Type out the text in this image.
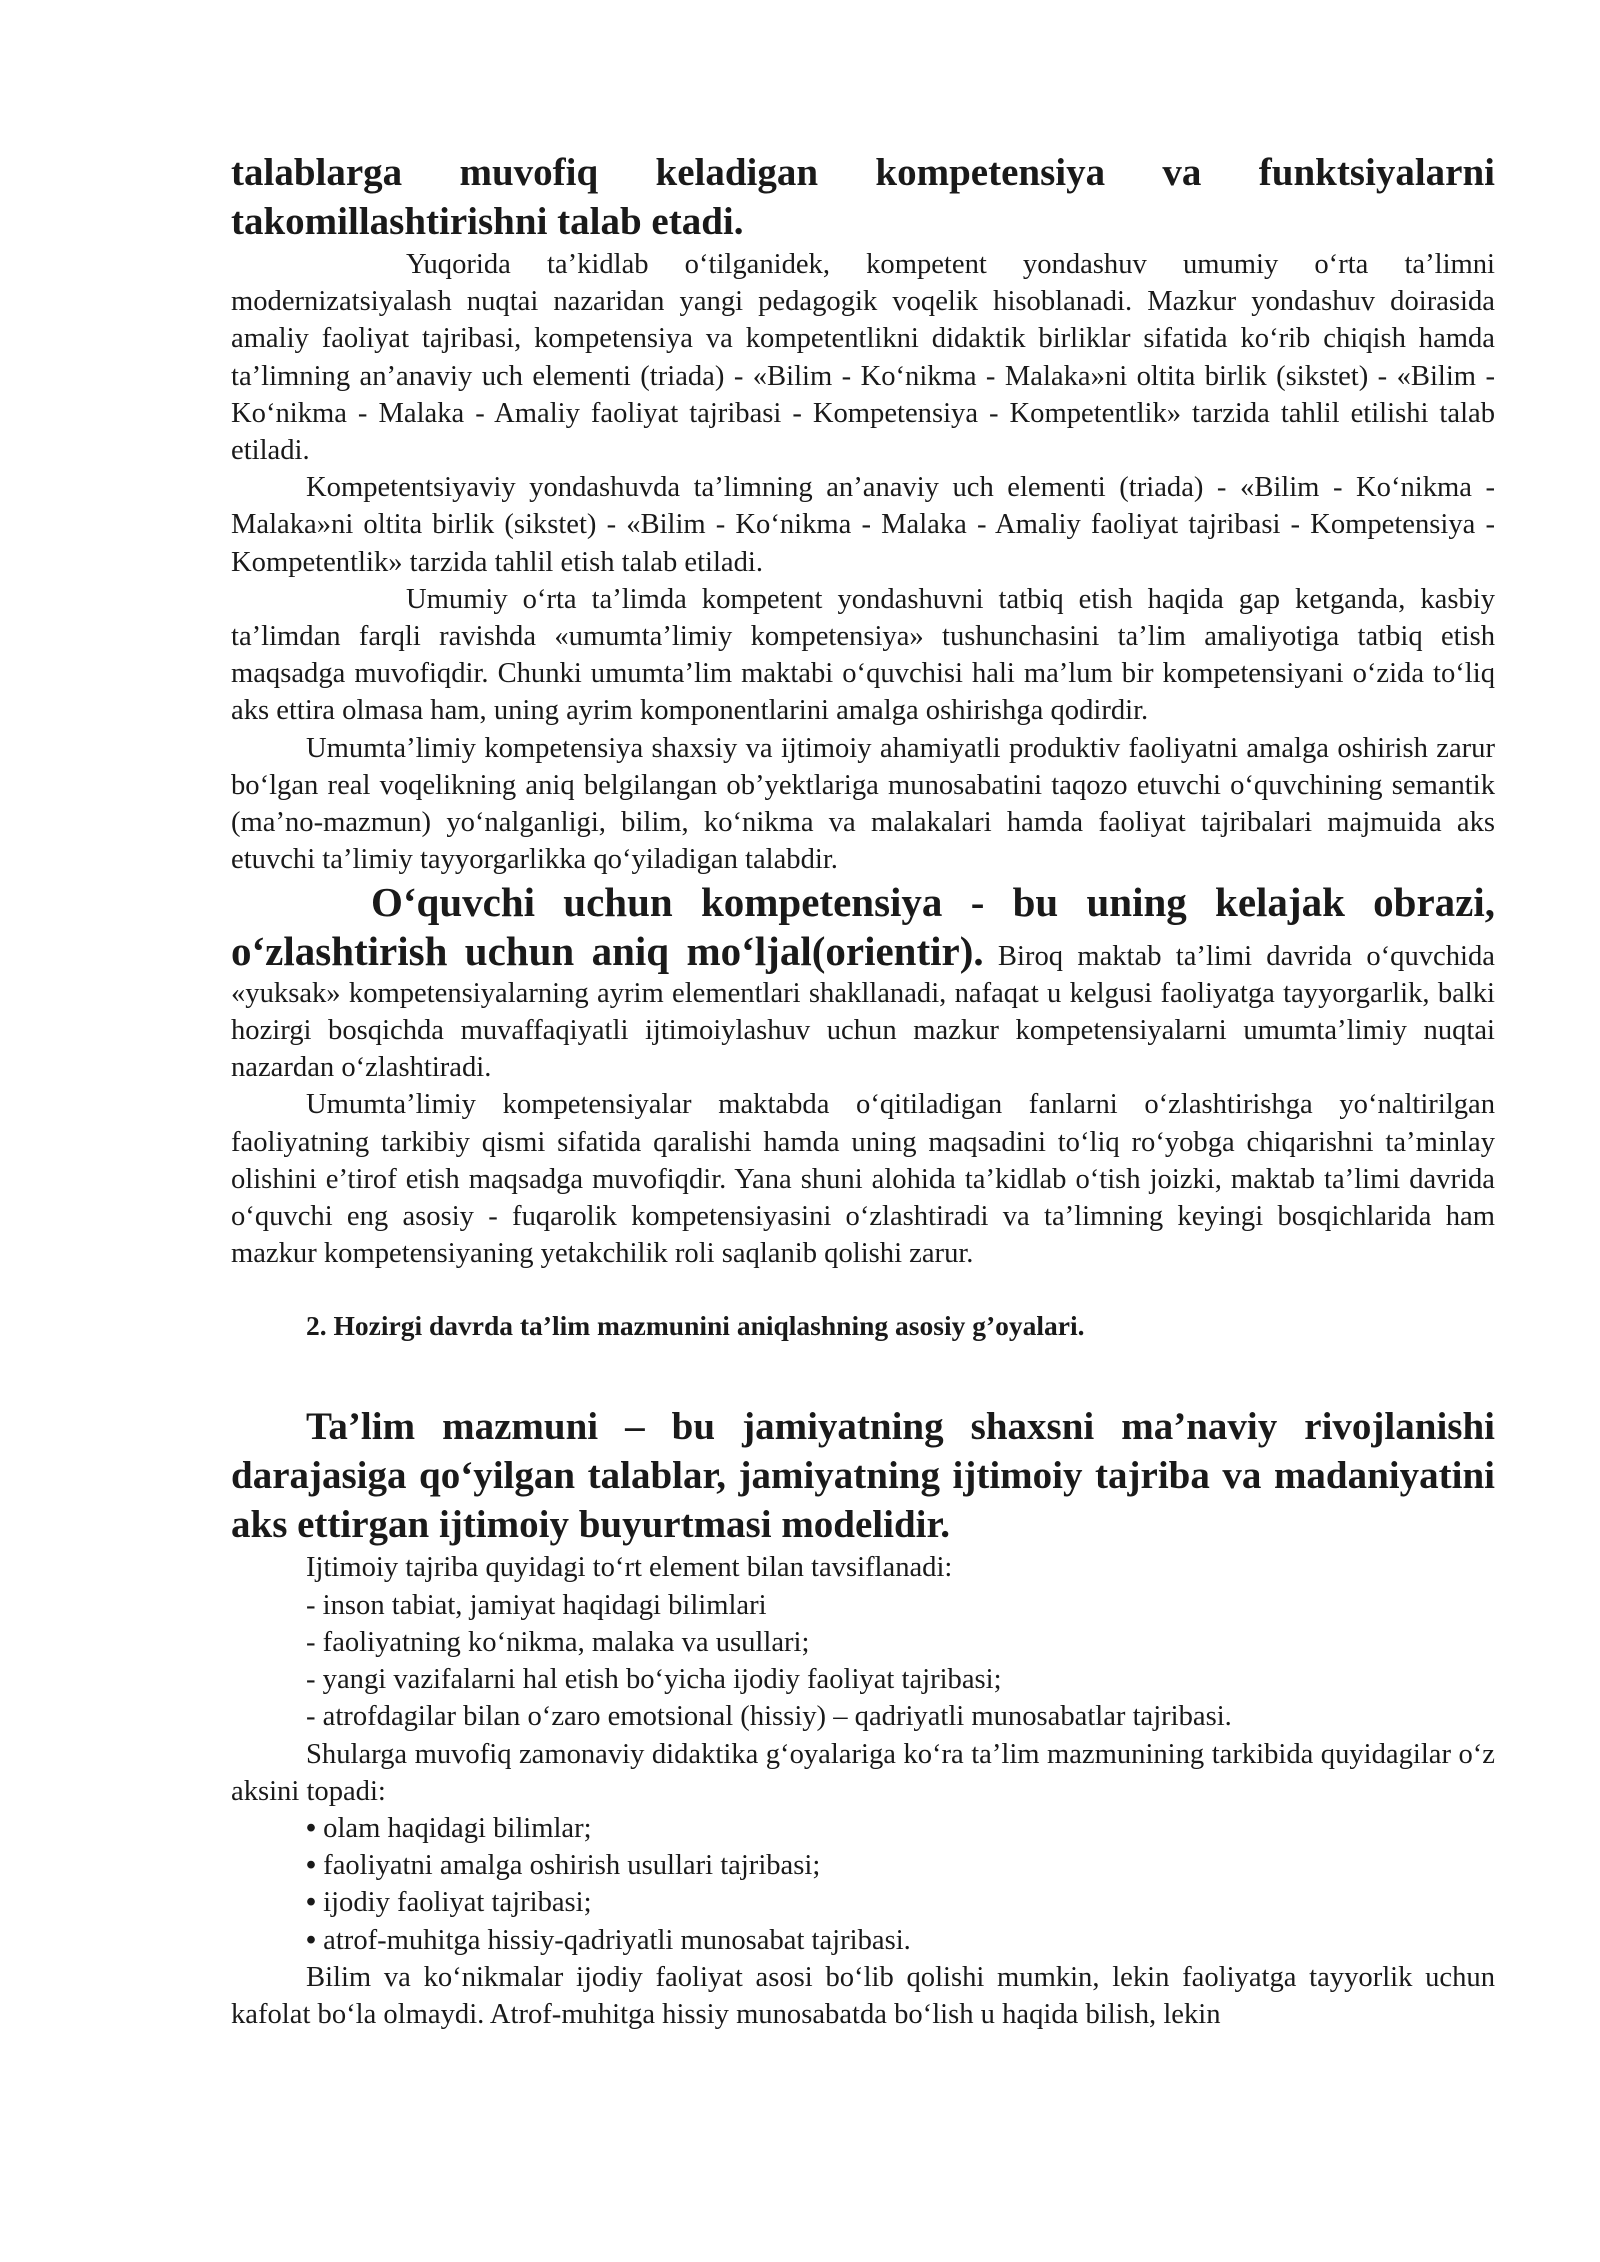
talablarga muvofiq keladigan kompetensiya va funktsiyalarni takomillashtirishni talab etadi.

Yuqorida ta’kidlab o‘tilganidek, kompetent yondashuv umumiy o‘rta ta’limni modernizatsiyalash nuqtai nazaridan yangi pedagogik voqelik hisoblanadi. Mazkur yondashuv doirasida amaliy faoliyat tajribasi, kompetensiya va kompetentlikni didaktik birliklar sifatida ko‘rib chiqish hamda ta’limning an’anaviy uch elementi (triada) - «Bilim - Ko‘nikma - Malaka»ni oltita birlik (sikstet) - «Bilim - Ko‘nikma - Malaka - Amaliy faoliyat tajribasi - Kompetensiya - Kompetentlik» tarzida tahlil etilishi talab etiladi.

Kompetentsiyaviy yondashuvda ta’limning an’anaviy uch elementi (triada) - «Bilim - Ko‘nikma - Malaka»ni oltita birlik (sikstet) - «Bilim - Ko‘nikma - Malaka - Amaliy faoliyat tajribasi - Kompetensiya - Kompetentlik» tarzida tahlil etish talab etiladi.

Umumiy o‘rta ta’limda kompetent yondashuvni tatbiq etish haqida gap ketganda, kasbiy ta’limdan farqli ravishda «umumta’limiy kompetensiya» tushunchasini ta’lim amaliyotiga tatbiq etish maqsadga muvofiqdir. Chunki umumta’lim maktabi o‘quvchisi hali ma’lum bir kompetensiyani o‘zida to‘liq aks ettira olmasa ham, uning ayrim komponentlarini amalga oshirishga qodirdir.

Umumta’limiy kompetensiya shaxsiy va ijtimoiy ahamiyatli produktiv faoliyatni amalga oshirish zarur bo‘lgan real voqelikning aniq belgilangan ob’yektlariga munosabatini taqozo etuvchi o‘quvchining semantik (ma’no-mazmun) yo‘nalganligi, bilim, ko‘nikma va malakalari hamda faoliyat tajribalari majmuida aks etuvchi ta’limiy tayyorgarlikka qo‘yiladigan talabdir.

O‘quvchi uchun kompetensiya - bu uning kelajak obrazi, o‘zlashtirish uchun aniq mo‘ljal(orientir). Biroq maktab ta’limi davrida o‘quvchida «yuksak» kompetensiyalarning ayrim elementlari shakllanadi, nafaqat u kelgusi faoliyatga tayyorgarlik, balki hozirgi bosqichda muvaffaqiyatli ijtimoiylashuv uchun mazkur kompetensiyalarni umumta’limiy nuqtai nazardan o‘zlashtiradi.

Umumta’limiy kompetensiyalar maktabda o‘qitiladigan fanlarni o‘zlashtirishga yo‘naltirilgan faoliyatning tarkibiy qismi sifatida qaralishi hamda uning maqsadini to‘liq ro‘yobga chiqarishni ta’minlay olishini e’tirof etish maqsadga muvofiqdir. Yana shuni alohida ta’kidlab o‘tish joizki, maktab ta’limi davrida o‘quvchi eng asosiy - fuqarolik kompetensiyasini o‘zlashtiradi va ta’limning keyingi bosqichlarida ham mazkur kompetensiyaning yetakchilik roli saqlanib qolishi zarur.

2. Hozirgi davrda ta’lim mazmunini aniqlashning asosiy g’oyalari.

Ta’lim mazmuni – bu jamiyatning shaxsni ma’naviy rivojlanishi darajasiga qo‘yilgan talablar, jamiyatning ijtimoiy tajriba va madaniyatini aks ettirgan ijtimoiy buyurtmasi modelidir.

Ijtimoiy tajriba quyidagi to‘rt element bilan tavsiflanadi:

- inson tabiat, jamiyat haqidagi bilimlari
- faoliyatning ko‘nikma, malaka va usullari;
- yangi vazifalarni hal etish bo‘yicha ijodiy faoliyat tajribasi;
- atrofdagilar bilan o‘zaro emotsional (hissiy) – qadriyatli munosabatlar tajribasi.

Shularga muvofiq zamonaviy didaktika g‘oyalariga ko‘ra ta’lim mazmunining tarkibida quyidagilar o‘z aksini topadi:

• olam haqidagi bilimlar;
• faoliyatni amalga oshirish usullari tajribasi;
• ijodiy faoliyat tajribasi;
• atrof-muhitga hissiy-qadriyatli munosabat tajribasi.

Bilim va ko‘nikmalar ijodiy faoliyat asosi bo‘lib qolishi mumkin, lekin faoliyatga tayyorlik uchun kafolat bo‘la olmaydi. Atrof-muhitga hissiy munosabatda bo‘lish u haqida bilish, lekin
